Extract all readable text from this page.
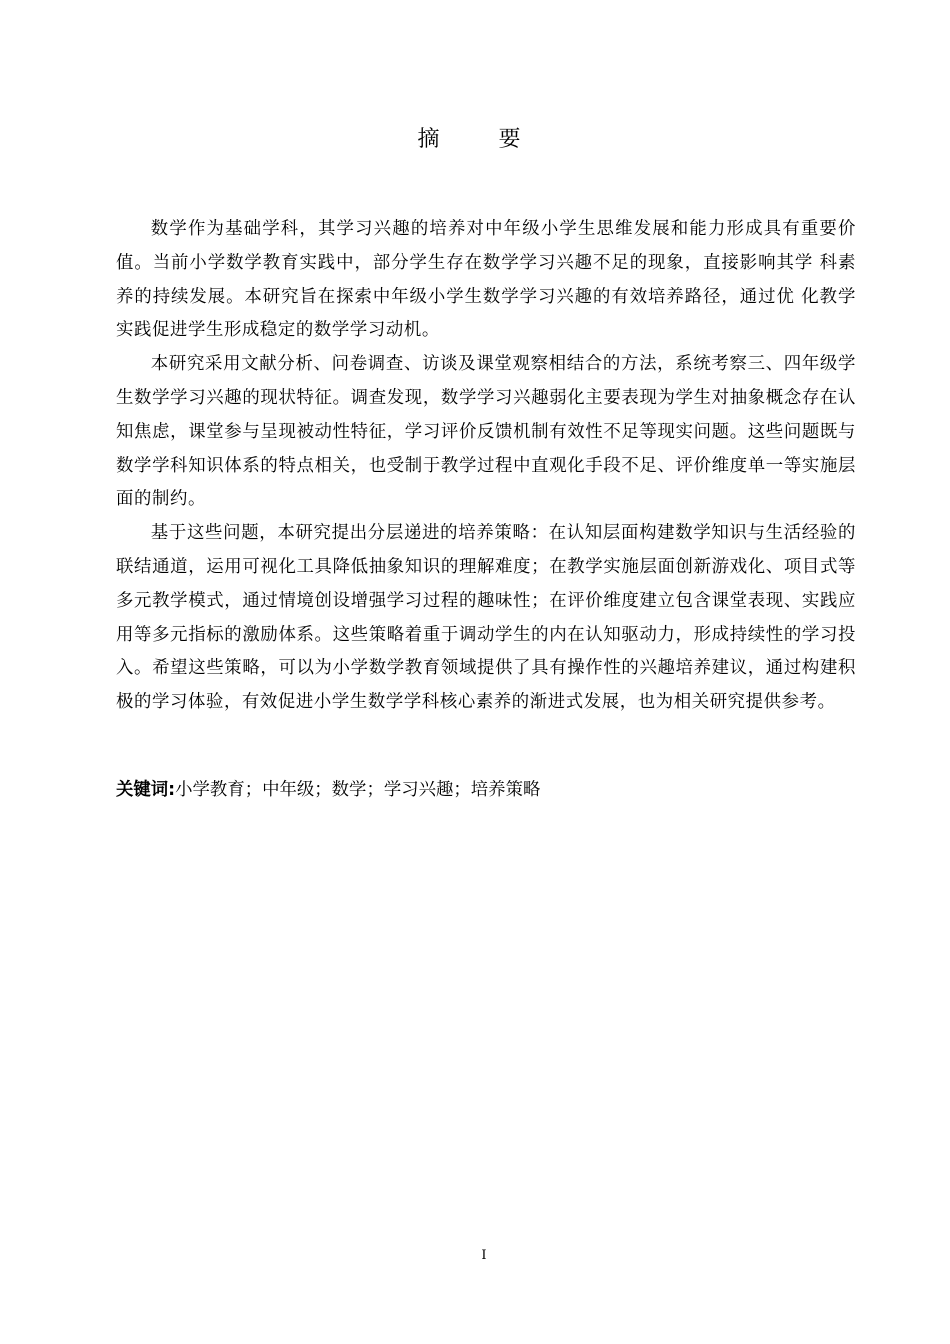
摘 要

数学作为基础学科，其学习兴趣的培养对中年级小学生思维发展和能力形成具有重要价值。当前小学数学教育实践中，部分学生存在数学学习兴趣不足的现象，直接影响其学 科素养的持续发展。本研究旨在探索中年级小学生数学学习兴趣的有效培养路径，通过优 化教学实践促进学生形成稳定的数学学习动机。

本研究采用文献分析、问卷调查、访谈及课堂观察相结合的方法，系统考察三、四年级学生数学学习兴趣的现状特征。调查发现，数学学习兴趣弱化主要表现为学生对抽象概念存在认知焦虑，课堂参与呈现被动性特征，学习评价反馈机制有效性不足等现实问题。这些问题既与数学学科知识体系的特点相关，也受制于教学过程中直观化手段不足、评价维度单一等实施层面的制约。

基于这些问题，本研究提出分层递进的培养策略：在认知层面构建数学知识与生活经验的联结通道，运用可视化工具降低抽象知识的理解难度；在教学实施层面创新游戏化、项目式等多元教学模式，通过情境创设增强学习过程的趣味性；在评价维度建立包含课堂表现、实践应用等多元指标的激励体系。这些策略着重于调动学生的内在认知驱动力，形成持续性的学习投入。希望这些策略，可以为小学数学教育领域提供了具有操作性的兴趣培养建议，通过构建积极的学习体验，有效促进小学生数学学科核心素养的渐进式发展，也为相关研究提供参考。

关键词:小学教育；中年级；数学；学习兴趣；培养策略
I
